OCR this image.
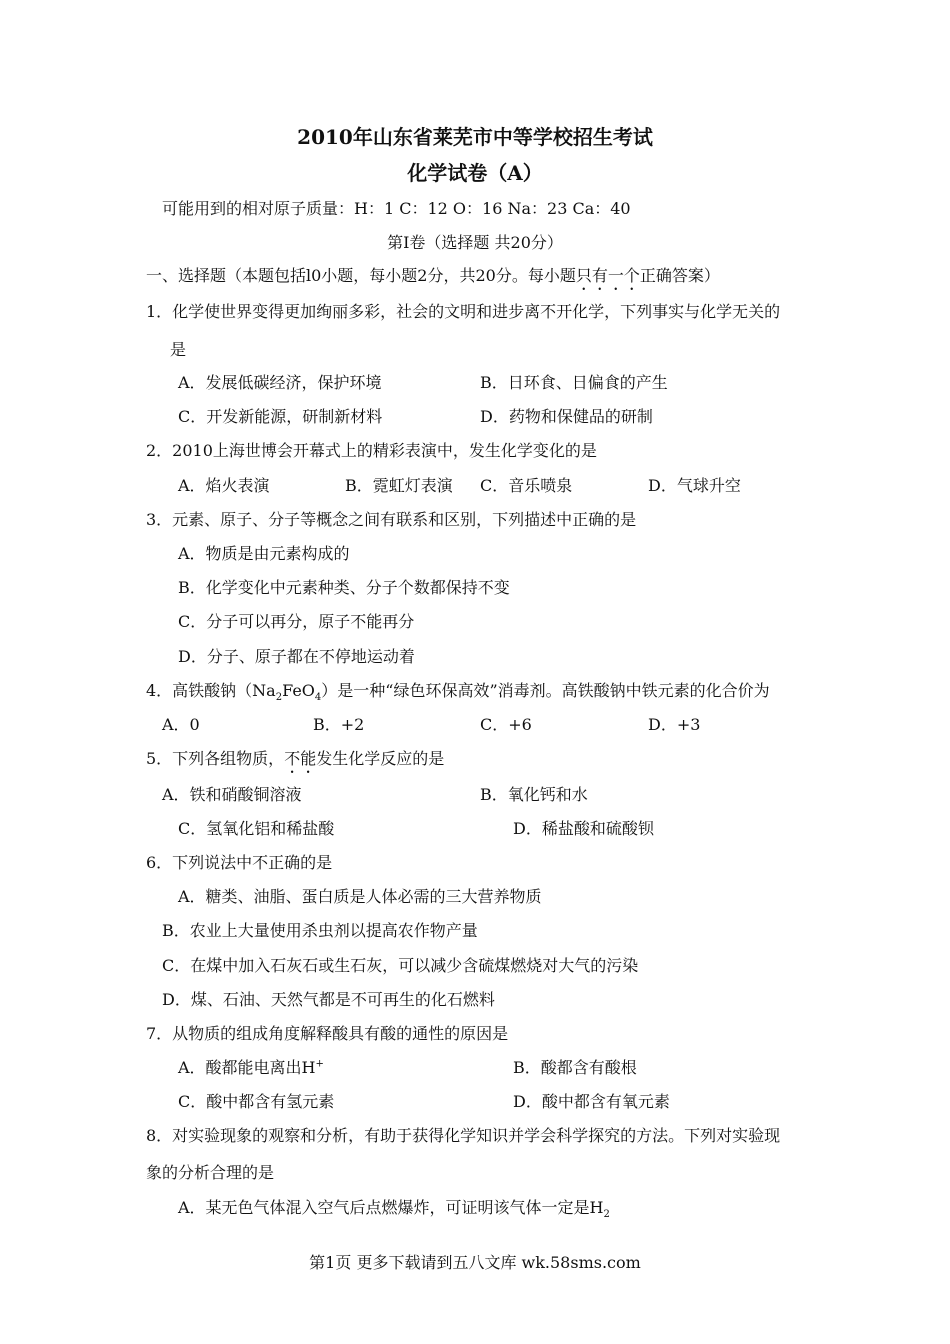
2010年山东省莱芜市中等学校招生考试
化学试卷（A）
可能用到的相对原子质量：H：1 C：12 O：16 Na：23 Ca：40
第Ⅰ卷（选择题 共20分）
一、选择题（本题包括l0小题，每小题2分，共20分。每小题只有一个正确答案）
1．化学使世界变得更加绚丽多彩，社会的文明和进步离不开化学，下列事实与化学无关的
是
A．发展低碳经济，保护环境	B．日环食、日偏食的产生
C．开发新能源，研制新材料	D．药物和保健品的研制
2．2010上海世博会开幕式上的精彩表演中，发生化学变化的是
A．焰火表演	B．霓虹灯表演 C．音乐喷泉	D．气球升空
3．元素、原子、分子等概念之间有联系和区别，下列描述中正确的是
A．物质是由元素构成的
B．化学变化中元素种类、分子个数都保持不变
C．分子可以再分，原子不能再分
D．分子、原子都在不停地运动着
4．高铁酸钠$(Na_2FeO_4)$是一种“绿色环保高效”消毒剂。高铁酸钠中铁元素的化合价为
A．0	B．+2	C．+6	D．+3
5．下列各组物质，不能发生化学反应的是
A．铁和硝酸铜溶液	B．氧化钙和水
C．氢氧化铝和稀盐酸	D．稀盐酸和硫酸钡
6．下列说法中不正确的是
A．糖类、油脂、蛋白质是人体必需的三大营养物质
B．农业上大量使用杀虫剂以提高农作物产量
C．在煤中加入石灰石或生石灰，可以减少含硫煤燃烧对大气的污染
D．煤、石油、天然气都是不可再生的化石燃料
7．从物质的组成角度解释酸具有酸的通性的原因是
A．酸都能电离出H+	B．酸都含有酸根
C．酸中都含有氢元素	D．酸中都含有氧元素
8．对实验现象的观察和分析，有助于获得化学知识并学会科学探究的方法。下列对实验现
象的分析合理的是
A．某无色气体混入空气后点燃爆炸，可证明该气体一定是$H_2$
第1页 更多下载请到五八文库 wk.58sms.com
